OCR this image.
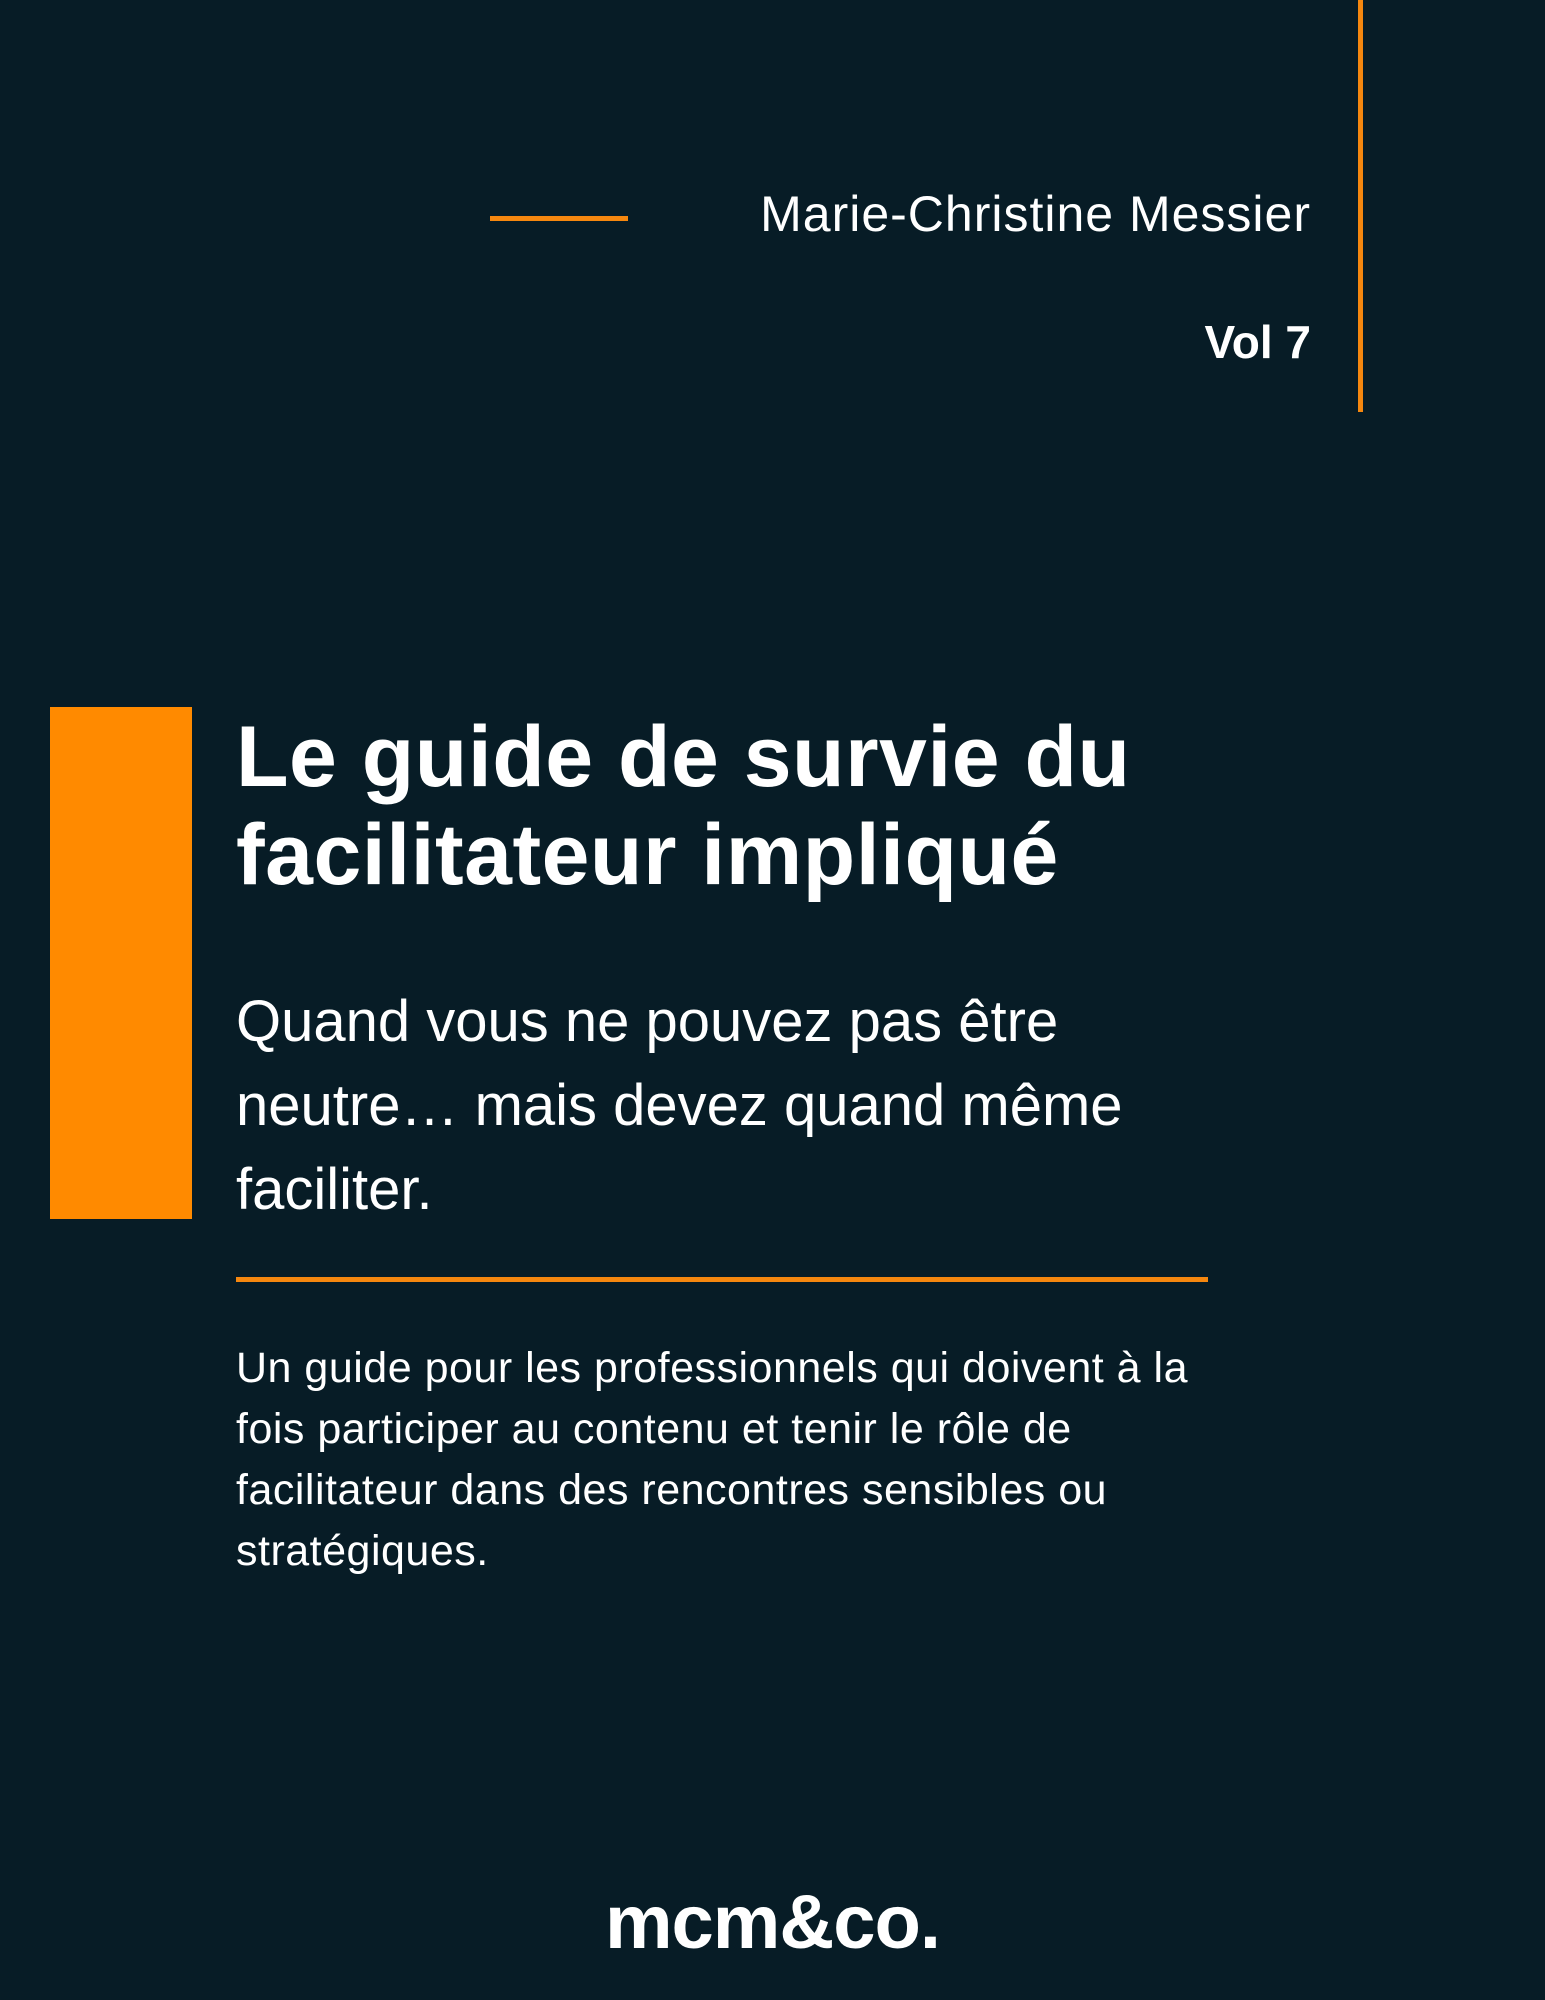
Marie-Christine Messier
Vol 7
Le guide de survie du facilitateur impliqué

Quand vous ne pouvez pas être neutre… mais devez quand même faciliter.

Un guide pour les professionnels qui doivent à la fois participer au contenu et tenir le rôle de facilitateur dans des rencontres sensibles ou stratégiques.

mcm&co.
